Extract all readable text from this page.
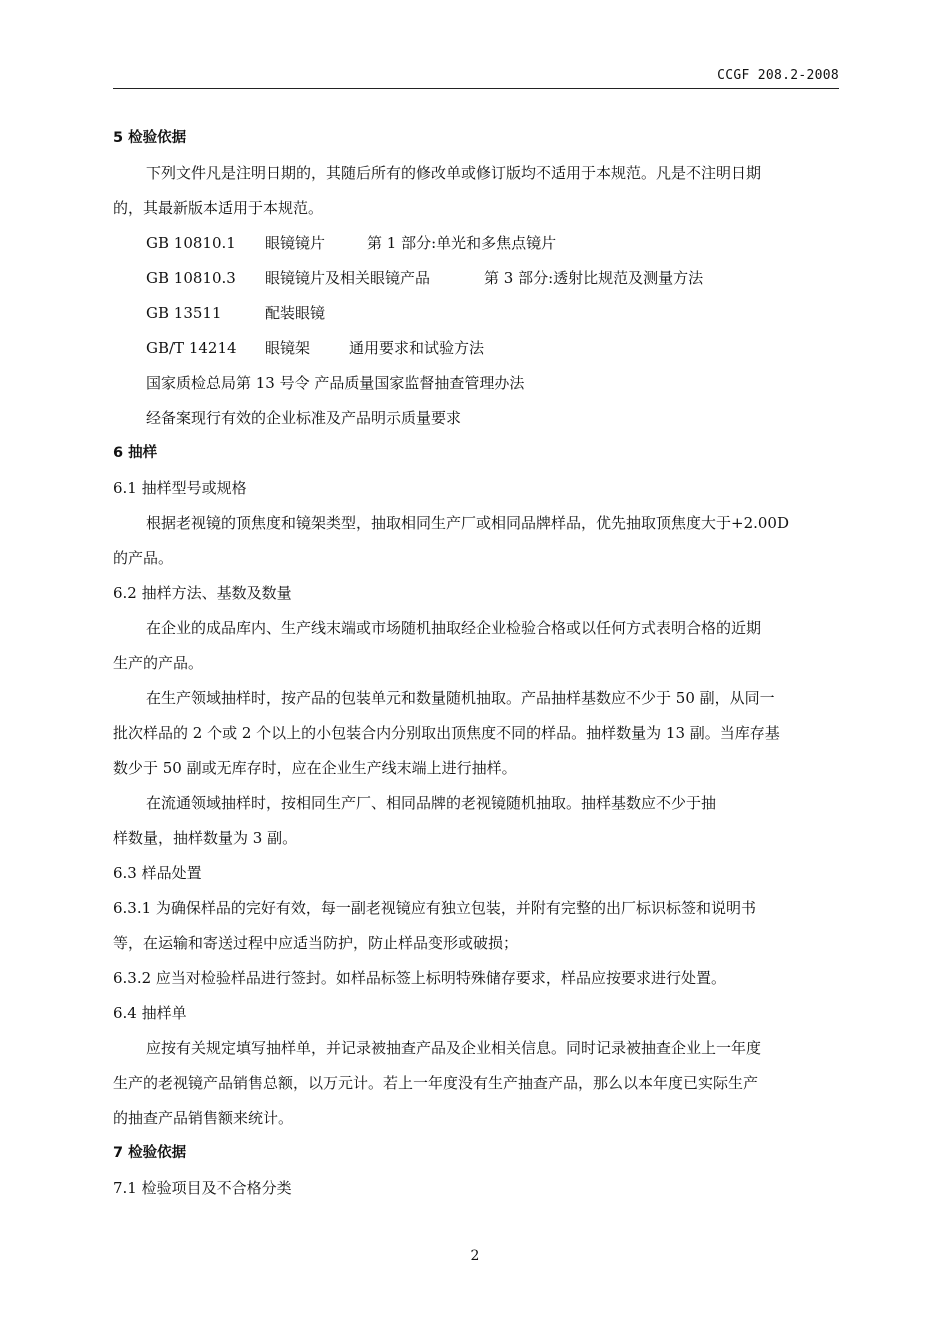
CCGF 208.2-2008
5 检验依据
下列文件凡是注明日期的，其随后所有的修改单或修订版均不适用于本规范。凡是不注明日期
的，其最新版本适用于本规范。
GB 10810.1	眼镜镜片	第 1 部分:单光和多焦点镜片
GB 10810.3	眼镜镜片及相关眼镜产品	第 3 部分:透射比规范及测量方法
GB 13511	配装眼镜
GB/T 14214	眼镜架	通用要求和试验方法
国家质检总局第 13 号令 产品质量国家监督抽查管理办法
经备案现行有效的企业标准及产品明示质量要求
6 抽样
6.1 抽样型号或规格
根据老视镜的顶焦度和镜架类型，抽取相同生产厂或相同品牌样品，优先抽取顶焦度大于+2.00D
的产品。
6.2 抽样方法、基数及数量
在企业的成品库内、生产线末端或市场随机抽取经企业检验合格或以任何方式表明合格的近期
生产的产品。
在生产领域抽样时，按产品的包装单元和数量随机抽取。产品抽样基数应不少于 50 副，从同一
批次样品的 2 个或 2 个以上的小包装合内分别取出顶焦度不同的样品。抽样数量为 13 副。当库存基
数少于 50 副或无库存时，应在企业生产线末端上进行抽样。
在流通领域抽样时，按相同生产厂、相同品牌的老视镜随机抽取。抽样基数应不少于抽
样数量，抽样数量为 3 副。
6.3 样品处置
6.3.1 为确保样品的完好有效，每一副老视镜应有独立包装，并附有完整的出厂标识标签和说明书
等，在运输和寄送过程中应适当防护，防止样品变形或破损；
6.3.2 应当对检验样品进行签封。如样品标签上标明特殊储存要求，样品应按要求进行处置。
6.4 抽样单
应按有关规定填写抽样单，并记录被抽查产品及企业相关信息。同时记录被抽查企业上一年度
生产的老视镜产品销售总额，以万元计。若上一年度没有生产抽查产品，那么以本年度已实际生产
的抽查产品销售额来统计。
7 检验依据
7.1 检验项目及不合格分类
2
